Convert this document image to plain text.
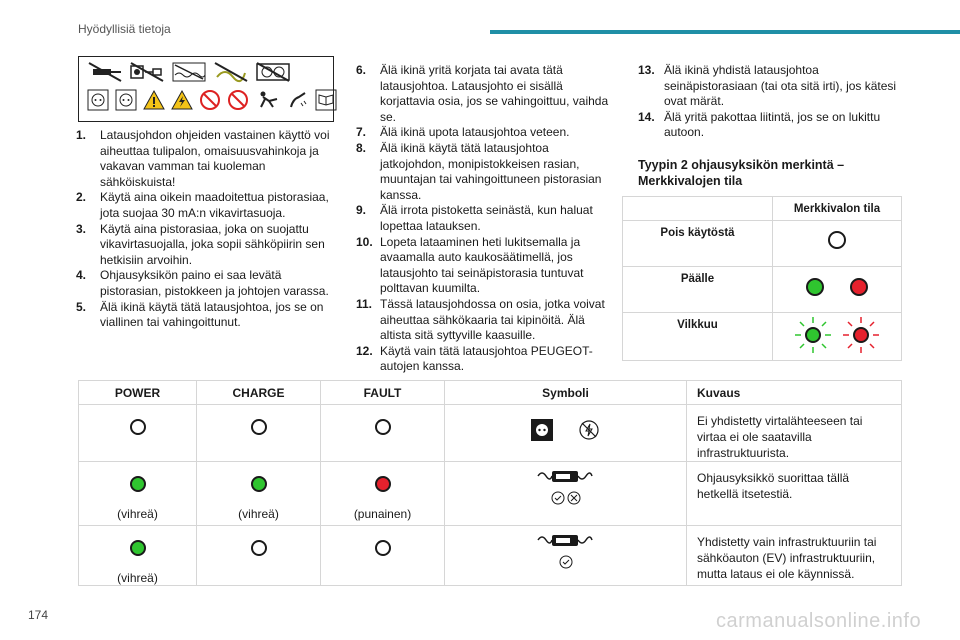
Hyödyllisiä tietoja
1.	Latausjohdon ohjeiden vastainen käyttö voi aiheuttaa tulipalon, omaisuusvahinkoja ja vakavan vamman tai kuoleman sähköiskuista!
2.	Käytä aina oikein maadoitettua pistorasiaa, jota suojaa 30 mA:n vikavirtasuoja.
3.	Käytä aina pistorasiaa, joka on suojattu vikavirtasuojalla, joka sopii sähköpiirin sen hetkisiin arvoihin.
4.	Ohjausyksikön paino ei saa levätä pistorasian, pistokkeen ja johtojen varassa.
5.	Älä ikinä käytä tätä latausjohtoa, jos se on viallinen tai vahingoittunut.
6.	Älä ikinä yritä korjata tai avata tätä latausjohtoa. Latausjohto ei sisällä korjattavia osia, jos se vahingoittuu, vaihda se.
7.	Älä ikinä upota latausjohtoa veteen.
8.	Älä ikinä käytä tätä latausjohtoa jatkojohdon, monipistokkeisen rasian, muuntajan tai vahingoittuneen pistorasian kanssa.
9.	Älä irrota pistoketta seinästä, kun haluat lopettaa latauksen.
10. Lopeta lataaminen heti lukitsemalla ja avaamalla auto kaukosäätimellä, jos latausjohto tai seinäpistorasia tuntuvat polttavan kuumilta.
11. Tässä latausjohdossa on osia, jotka voivat aiheuttaa sähkökaaria tai kipinöitä. Älä altista sitä syttyville kaasuille.
12. Käytä vain tätä latausjohtoa PEUGEOT-autojen kanssa.
13. Älä ikinä yhdistä latausjohtoa seinäpistorasiaan (tai ota sitä irti), jos kätesi ovat märät.
14. Älä yritä pakottaa liitintä, jos se on lukittu autoon.
Tyypin 2 ohjausyksikön merkintä – Merkkivalojen tila
	Merkkivalon tila
Pois käytöstä	
Päälle	
Vilkkuu	
POWER	CHARGE	FAULT	Symboli	Kuvaus
				Ei yhdistetty virtalähteeseen tai virtaa ei ole saatavilla infrastruktuurista.

(vihreä)	(vihreä)	(punainen)		Ohjausyksikkö suorittaa tällä hetkellä itsetestiä.

(vihreä)				Yhdistetty vain infrastruktuuriin tai sähköauton (EV) infrastruktuuriin, mutta lataus ei ole käynnissä.
174	carmanualsonline.info
